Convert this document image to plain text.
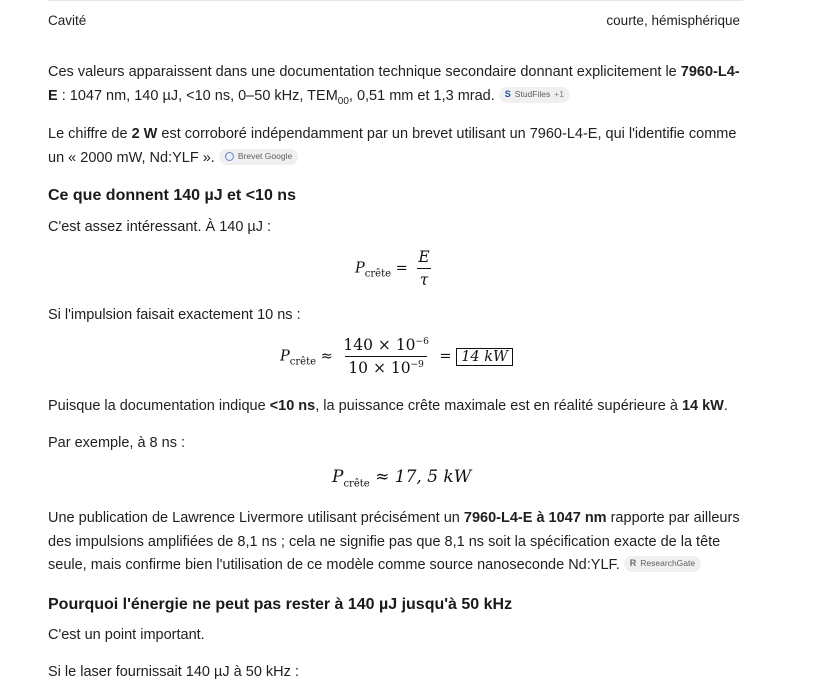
Cavité	courte, hémisphérique
Ces valeurs apparaissent dans une documentation technique secondaire donnant explicitement le 7960-L4-E : 1047 nm, 140 µJ, <10 ns, 0–50 kHz, $TEM_{00}$, 0,51 mm et 1,3 mrad. S StudFiles +1
Le chiffre de 2 W est corroboré indépendamment par un brevet utilisant un 7960-L4-E, qui l'identifie comme un « 2000 mW, Nd:YLF ».	Brevet Google
Ce que donnent 140 µJ et <10 ns
C'est assez intéressant. À 140 µJ :
$P_{crête} = \frac{E}{\tau}$
Si l'impulsion faisait exactement 10 ns :
$P_{crête} \approx \frac{140 \times 10^{-6}}{10 \times 10^{-9}} = 14$ kW
Puisque la documentation indique <10 ns, la puissance crête maximale est en réalité supérieure à 14 kW.
Par exemple, à 8 ns :
$P_{crête} \approx 17$, 5 kW
Une publication de Lawrence Livermore utilisant précisément un 7960-L4-E à 1047 nm rapporte par ailleurs des impulsions amplifiées de 8,1 ns ; cela ne signifie pas que 8,1 ns soit la spécification exacte de la tête seule, mais confirme bien l'utilisation de ce modèle comme source nanoseconde Nd:YLF. R ResearchGate
Pourquoi l'énergie ne peut pas rester à 140 µJ jusqu'à 50 kHz
C'est un point important.
Si le laser fournissait 140 µJ à 50 kHz :
